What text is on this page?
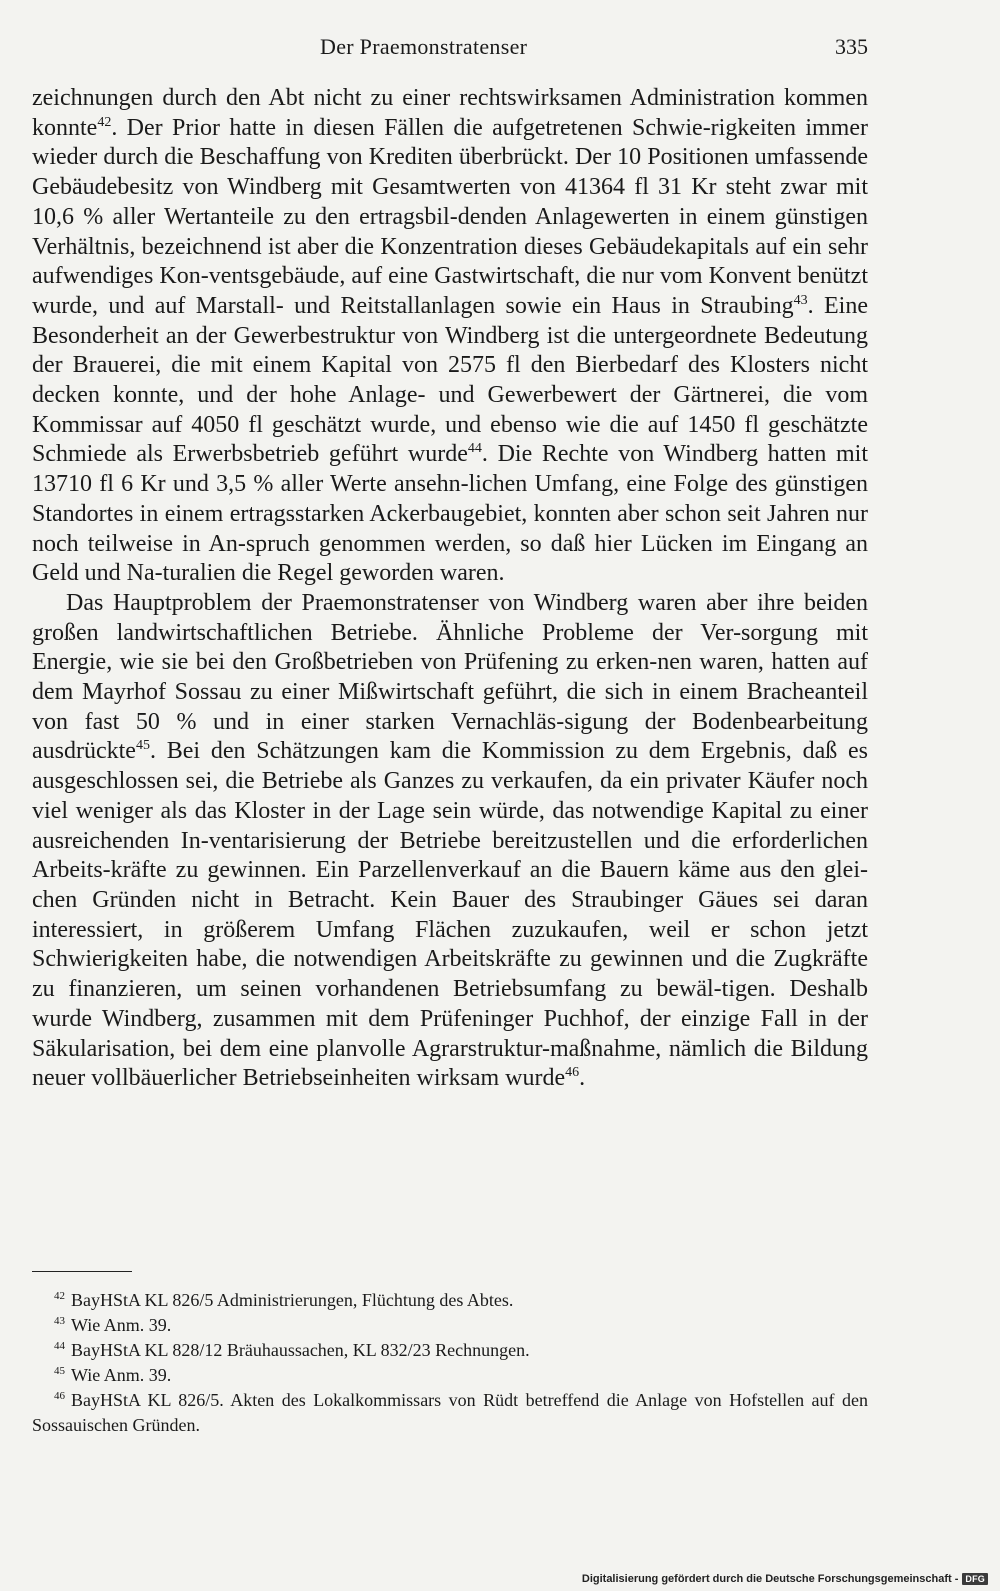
Der Praemonstratenser	335

zeichnungen durch den Abt nicht zu einer rechtswirksamen Administration kommen konnte$^{42}$. Der Prior hatte in diesen Fällen die aufgetretenen Schwie-rigkeiten immer wieder durch die Beschaffung von Krediten überbrückt. Der 10 Positionen umfassende Gebäudebesitz von Windberg mit Gesamtwerten von 41364 fl 31 Kr steht zwar mit 10,6 % aller Wertanteile zu den ertragsbil-denden Anlagewerten in einem günstigen Verhältnis, bezeichnend ist aber die Konzentration dieses Gebäudekapitals auf ein sehr aufwendiges Kon-ventsgebäude, auf eine Gastwirtschaft, die nur vom Konvent benützt wurde, und auf Marstall- und Reitstallanlagen sowie ein Haus in Straubing$^{43}$. Eine Besonderheit an der Gewerbestruktur von Windberg ist die untergeordnete Bedeutung der Brauerei, die mit einem Kapital von 2575 fl den Bierbedarf des Klosters nicht decken konnte, und der hohe Anlage- und Gewerbewert der Gärtnerei, die vom Kommissar auf 4050 fl geschätzt wurde, und ebenso wie die auf 1450 fl geschätzte Schmiede als Erwerbsbetrieb geführt wurde$^{44}$. Die Rechte von Windberg hatten mit 13710 fl 6 Kr und 3,5 % aller Werte ansehn-lichen Umfang, eine Folge des günstigen Standortes in einem ertragsstarken Ackerbaugebiet, konnten aber schon seit Jahren nur noch teilweise in An-spruch genommen werden, so daß hier Lücken im Eingang an Geld und Na-turalien die Regel geworden waren.

Das Hauptproblem der Praemonstratenser von Windberg waren aber ihre beiden großen landwirtschaftlichen Betriebe. Ähnliche Probleme der Ver-sorgung mit Energie, wie sie bei den Großbetrieben von Prüfening zu erken-nen waren, hatten auf dem Mayrhof Sossau zu einer Mißwirtschaft geführt, die sich in einem Bracheanteil von fast 50 % und in einer starken Vernachläs-sigung der Bodenbearbeitung ausdrückte$^{45}$. Bei den Schätzungen kam die Kommission zu dem Ergebnis, daß es ausgeschlossen sei, die Betriebe als Ganzes zu verkaufen, da ein privater Käufer noch viel weniger als das Kloster in der Lage sein würde, das notwendige Kapital zu einer ausreichenden In-ventarisierung der Betriebe bereitzustellen und die erforderlichen Arbeits-kräfte zu gewinnen. Ein Parzellenverkauf an die Bauern käme aus den glei-chen Gründen nicht in Betracht. Kein Bauer des Straubinger Gäues sei daran interessiert, in größerem Umfang Flächen zuzukaufen, weil er schon jetzt Schwierigkeiten habe, die notwendigen Arbeitskräfte zu gewinnen und die Zugkräfte zu finanzieren, um seinen vorhandenen Betriebsumfang zu bewäl-tigen. Deshalb wurde Windberg, zusammen mit dem Prüfeninger Puchhof, der einzige Fall in der Säkularisation, bei dem eine planvolle Agrarstruktur-maßnahme, nämlich die Bildung neuer vollbäuerlicher Betriebseinheiten wirksam wurde$^{46}$.

$^{42}$ BayHStA KL 826/5 Administrierungen, Flüchtung des Abtes.

$^{43}$ Wie Anm. 39.

$^{44}$ BayHStA KL 828/12 Bräuhaussachen, KL 832/23 Rechnungen.

$^{45}$ Wie Anm. 39.

$^{46}$ BayHStA KL 826/5. Akten des Lokalkommissars von Rüdt betreffend die Anlage von Hofstellen auf den Sossauischen Gründen.

Digitalisierung gefördert durch die Deutsche Forschungsgemeinschaft - DFG
